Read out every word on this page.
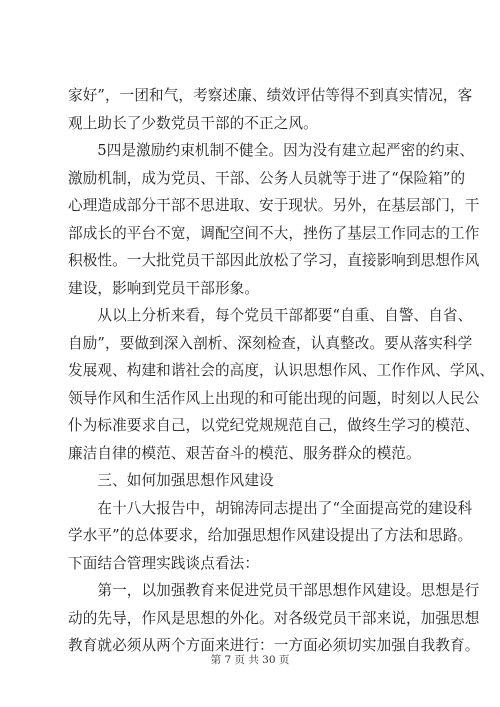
家好”，一团和气，考察述廉、绩效评估等得不到真实情况，客
观上助长了少数党员干部的不正之风。
　　5四是激励约束机制不健全。因为没有建立起严密的约束、
激励机制，成为党员、干部、公务人员就等于进了“保险箱”的
心理造成部分干部不思进取、安于现状。另外，在基层部门，干
部成长的平台不宽，调配空间不大，挫伤了基层工作同志的工作
积极性。一大批党员干部因此放松了学习，直接影响到思想作风
建设，影响到党员干部形象。
　　从以上分析来看，每个党员干部都要“自重、自警、自省、
自励”，要做到深入剖析、深刻检查，认真整改。要从落实科学
发展观、构建和谐社会的高度，认识思想作风、工作作风、学风、
领导作风和生活作风上出现的和可能出现的问题，时刻以人民公
仆为标准要求自己，以党纪党规规范自己，做终生学习的模范、
廉洁自律的模范、艰苦奋斗的模范、服务群众的模范。
　　三、如何加强思想作风建设
　　在十八大报告中，胡锦涛同志提出了“全面提高党的建设科
学水平”的总体要求，给加强思想作风建设提出了方法和思路。
下面结合管理实践谈点看法：
　　第一，以加强教育来促进党员干部思想作风建设。思想是行
动的先导，作风是思想的外化。对各级党员干部来说，加强思想
教育就必须从两个方面来进行：一方面必须切实加强自我教育。
第 7 页 共 30 页
